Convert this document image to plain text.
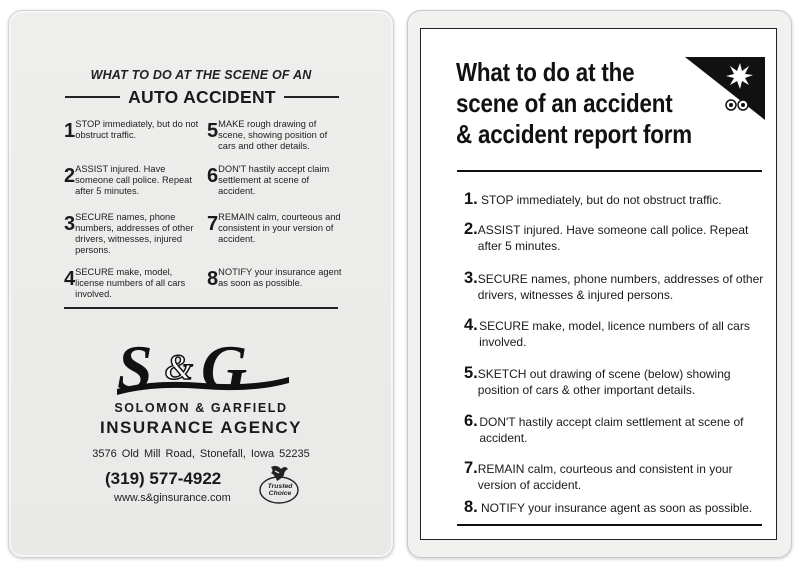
WHAT TO DO AT THE SCENE OF AN
AUTO ACCIDENT
1 STOP immediately, but do not obstruct traffic.
2 ASSIST injured. Have someone call police. Repeat after 5 minutes.
3 SECURE names, phone numbers, addresses of other drivers, witnesses, injured persons.
4 SECURE make, model, license numbers of all cars involved.
5 MAKE rough drawing of scene, showing position of cars and other details.
6 DON'T hastily accept claim settlement at scene of accident.
7 REMAIN calm, courteous and consistent in your version of accident.
8 NOTIFY your insurance agent as soon as possible.
S G
&
SOLOMON & GARFIELD
INSURANCE AGENCY
3576 Old Mill Road, Stonefall, Iowa 52235
(319) 577-4922
www.s&ginsurance.com
Trusted Choice
What to do at the
scene of an accident
& accident report form
1. STOP immediately, but do not obstruct traffic.
2. ASSIST injured. Have someone call police. Repeat after 5 minutes.
3. SECURE names, phone numbers, addresses of other drivers, witnesses & injured persons.
4. SECURE make, model, licence numbers of all cars involved.
5. SKETCH out drawing of scene (below) showing position of cars & other important details.
6. DON'T hastily accept claim settlement at scene of accident.
7. REMAIN calm, courteous and consistent in your version of accident.
8. NOTIFY your insurance agent as soon as possible.
